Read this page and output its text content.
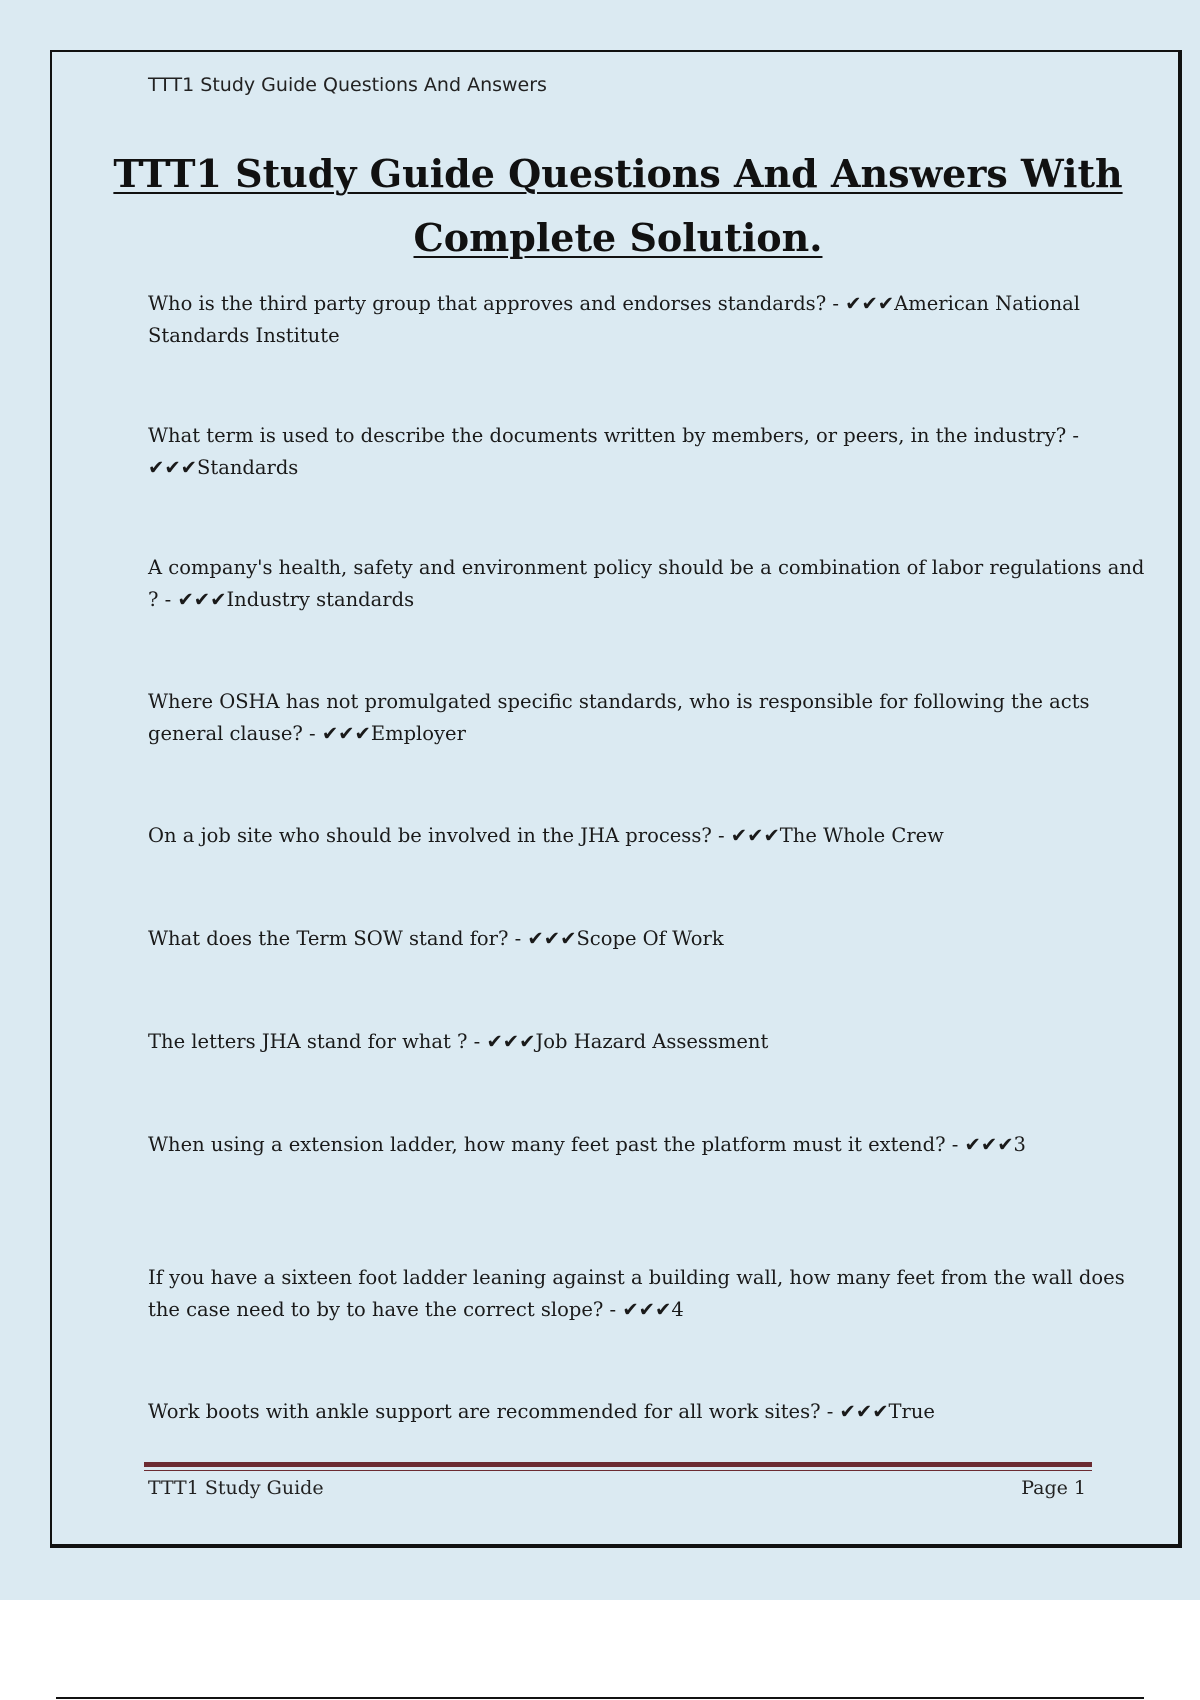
TTT1 Study Guide Questions And Answers
TTT1 Study Guide Questions And Answers With Complete Solution.

Who is the third party group that approves and endorses standards? - ✔✔✔American National Standards Institute

What term is used to describe the documents written by members, or peers, in the industry? - ✔✔✔Standards

A company's health, safety and environment policy should be a combination of labor regulations and ? - ✔✔✔Industry standards

Where OSHA has not promulgated specific standards, who is responsible for following the acts general clause? - ✔✔✔Employer

On a job site who should be involved in the JHA process? - ✔✔✔The Whole Crew

What does the Term SOW stand for? - ✔✔✔Scope Of Work

The letters JHA stand for what ? - ✔✔✔Job Hazard Assessment

When using a extension ladder, how many feet past the platform must it extend? - ✔✔✔3

If you have a sixteen foot ladder leaning against a building wall, how many feet from the wall does the case need to by to have the correct slope? - ✔✔✔4

Work boots with ankle support are recommended for all work sites? - ✔✔✔True

TTT1 Study Guide	Page 1
